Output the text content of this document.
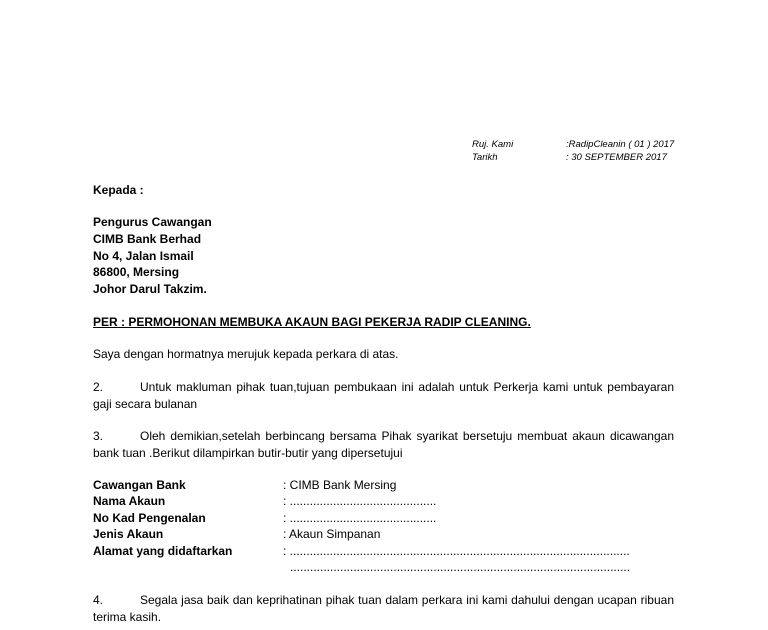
Ruj. Kami	:RadipCleanin ( 01 ) 2017
Tarikh	: 30 SEPTEMBER 2017
Kepada :
Pengurus Cawangan
CIMB Bank Berhad
No 4, Jalan Ismail
86800, Mersing
Johor Darul Takzim.
PER : PERMOHONAN MEMBUKA AKAUN BAGI PEKERJA RADIP CLEANING.
Saya dengan hormatnya merujuk kepada perkara di atas.
2.	Untuk makluman pihak tuan,tujuan pembukaan ini adalah untuk Perkerja kami untuk pembayaran gaji secara bulanan
3.	Oleh demikian,setelah berbincang bersama Pihak syarikat bersetuju membuat akaun dicawangan bank tuan .Berikut dilampirkan butir-butir yang dipersetujui
Cawangan Bank	: CIMB Bank Mersing
Nama Akaun	: ............................................
No Kad Pengenalan	: ............................................
Jenis Akaun	: Akaun Simpanan
Alamat yang didaftarkan	: ......................................................................................................
......................................................................................................
4.	Segala jasa baik dan keprihatinan pihak tuan dalam perkara ini kami dahului dengan ucapan ribuan terima kasih.
